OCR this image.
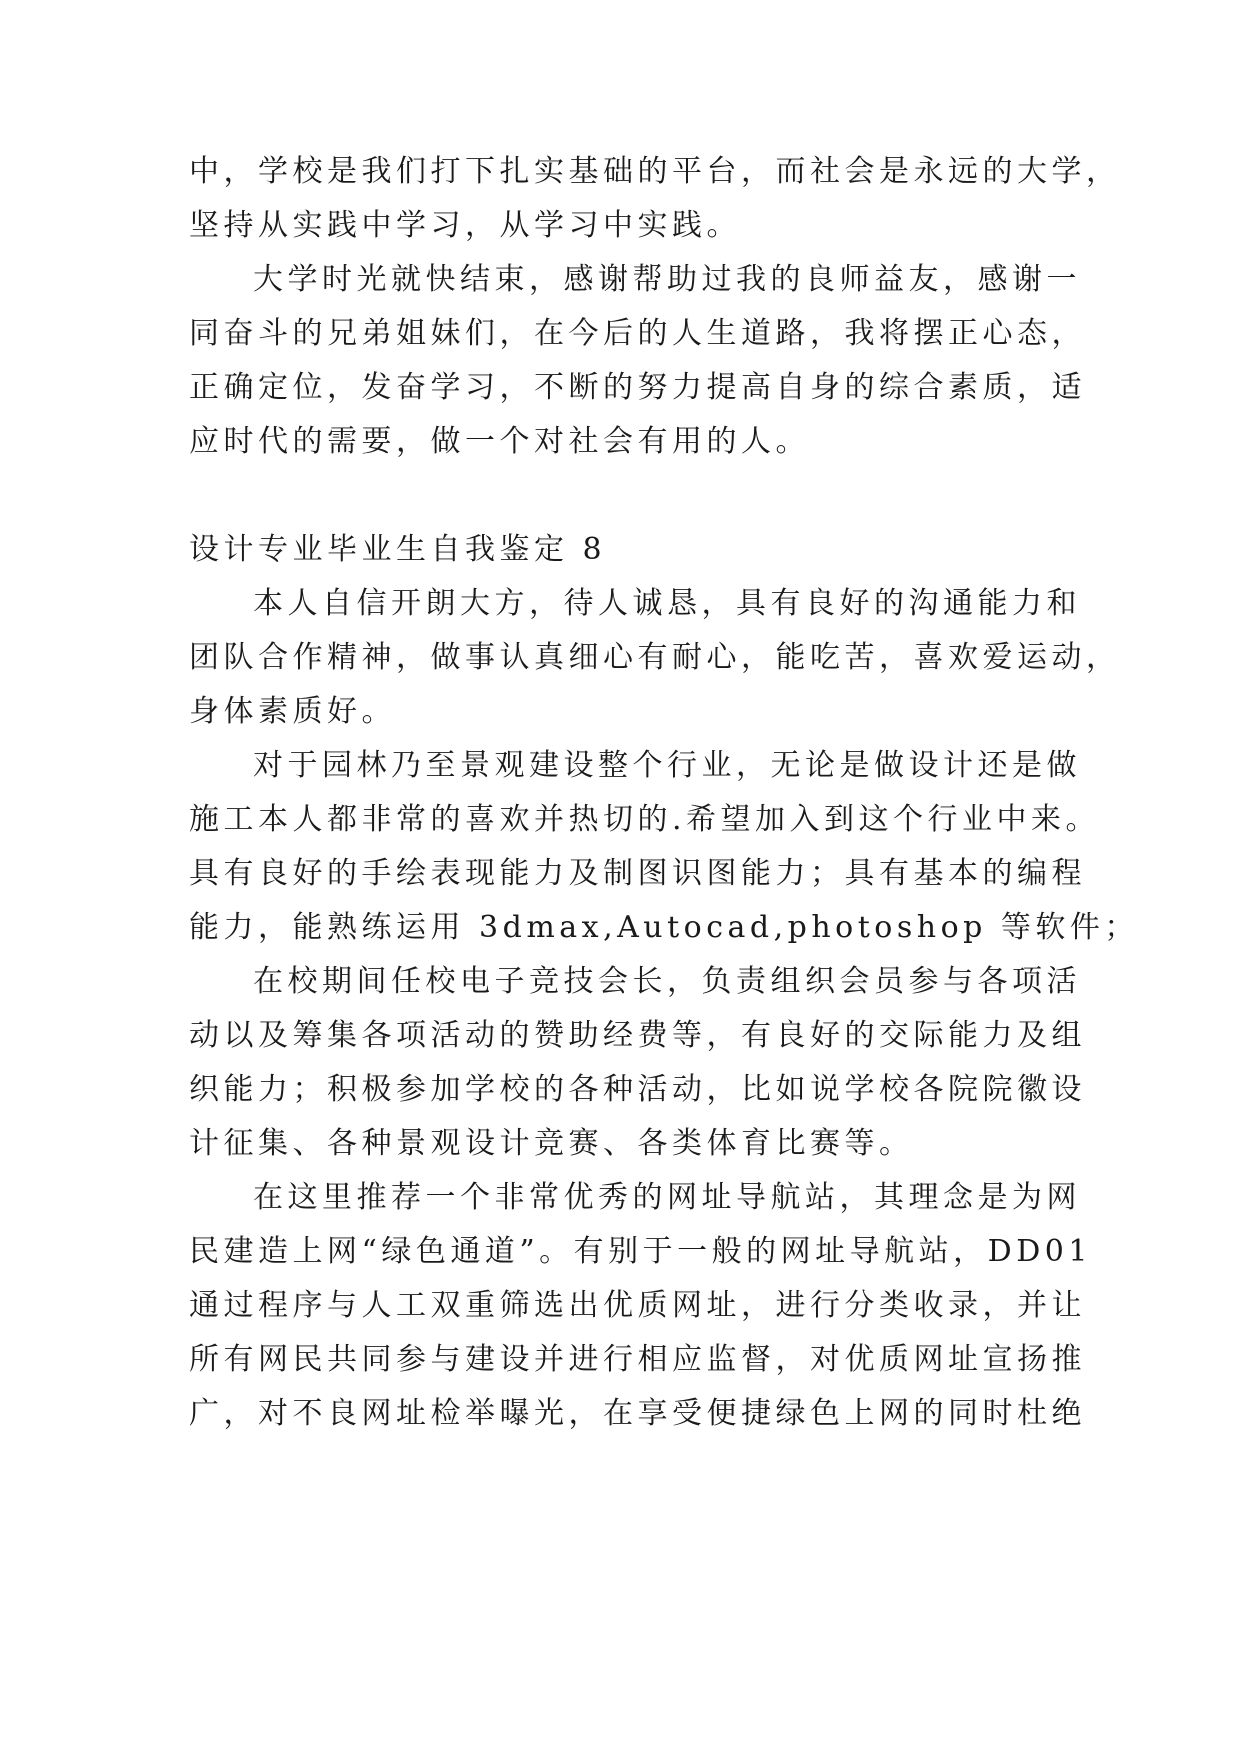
中，学校是我们打下扎实基础的平台，而社会是永远的大学，
坚持从实践中学习，从学习中实践。
大学时光就快结束，感谢帮助过我的良师益友，感谢一
同奋斗的兄弟姐妹们，在今后的人生道路，我将摆正心态，
正确定位，发奋学习，不断的努力提高自身的综合素质，适
应时代的需要，做一个对社会有用的人。
设计专业毕业生自我鉴定 8
本人自信开朗大方，待人诚恳，具有良好的沟通能力和
团队合作精神，做事认真细心有耐心，能吃苦，喜欢爱运动，
身体素质好。
对于园林乃至景观建设整个行业，无论是做设计还是做
施工本人都非常的喜欢并热切的.希望加入到这个行业中来。
具有良好的手绘表现能力及制图识图能力；具有基本的编程
能力，能熟练运用 3dmax,Autocad,photoshop 等软件；
在校期间任校电子竞技会长，负责组织会员参与各项活
动以及筹集各项活动的赞助经费等，有良好的交际能力及组
织能力；积极参加学校的各种活动，比如说学校各院院徽设
计征集、各种景观设计竞赛、各类体育比赛等。
在这里推荐一个非常优秀的网址导航站，其理念是为网
民建造上网“绿色通道”。有别于一般的网址导航站，DD01
通过程序与人工双重筛选出优质网址，进行分类收录，并让
所有网民共同参与建设并进行相应监督，对优质网址宣扬推
广，对不良网址检举曝光，在享受便捷绿色上网的同时杜绝
